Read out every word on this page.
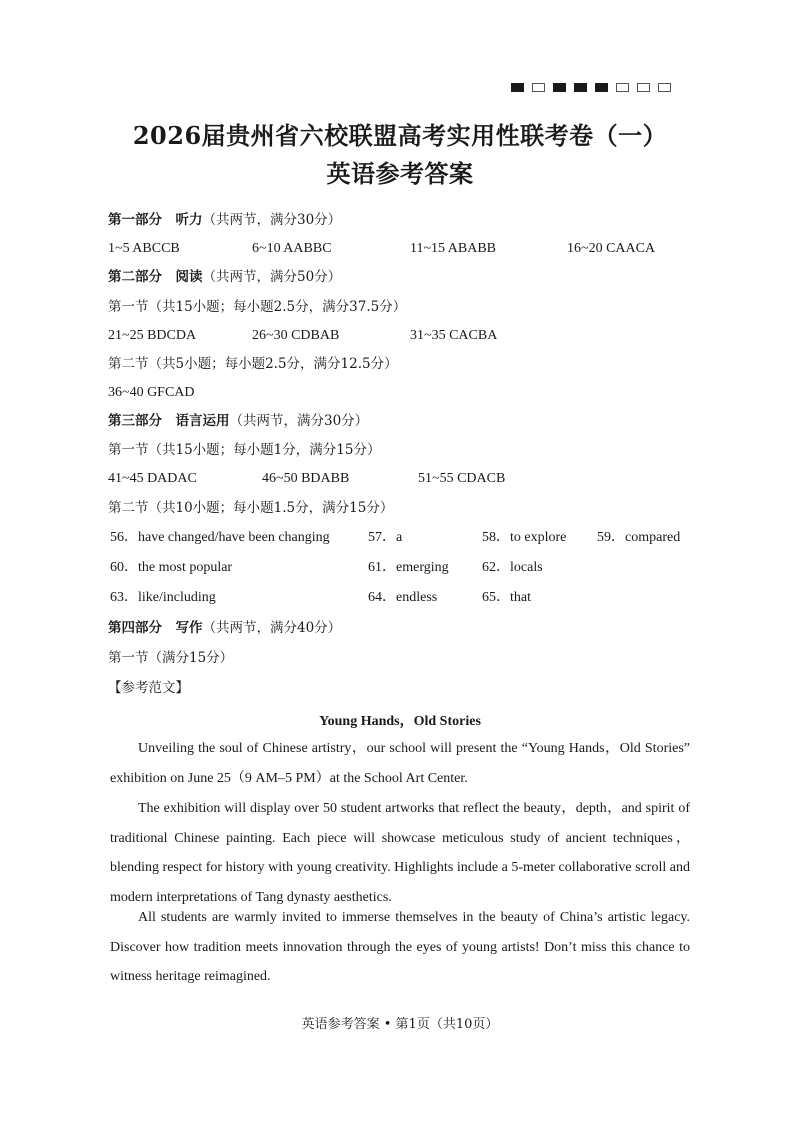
2026届贵州省六校联盟高考实用性联考卷（一）
英语参考答案
第一部分　听力（共两节，满分30分）
1~5 ABCCB	6~10 AABBC	11~15 ABABB	16~20 CAACA
第二部分　阅读（共两节，满分50分）
第一节（共15小题；每小题2.5分，满分37.5分）
21~25 BDCDA	26~30 CDBAB	31~35 CACBA
第二节（共5小题；每小题2.5分，满分12.5分）
36~40 GFCAD
第三部分　语言运用（共两节，满分30分）
第一节（共15小题；每小题1分，满分15分）
41~45 DADAC	46~50 BDABB	51~55 CDACB
第二节（共10小题；每小题1.5分，满分15分）
56．have changed/have been changing	57．a	58．to explore 59．compared
60．the most popular	61．emerging 62．locals
63．like/including	64．endless	65．that
第四部分　写作（共两节，满分40分）
第一节（满分15分）
【参考范文】
Young Hands，Old Stories
Unveiling the soul of Chinese artistry，our school will present the “Young Hands，Old Stories” exhibition on June 25（9 AM–5 PM）at the School Art Center.
The exhibition will display over 50 student artworks that reflect the beauty，depth，and spirit of traditional Chinese painting. Each piece will showcase meticulous study of ancient techniques，blending respect for history with young creativity. Highlights include a 5-meter collaborative scroll and modern interpretations of Tang dynasty aesthetics.
All students are warmly invited to immerse themselves in the beauty of China’s artistic legacy. Discover how tradition meets innovation through the eyes of young artists! Don’t miss this chance to witness heritage reimagined.
英语参考答案 • 第1页（共10页）
